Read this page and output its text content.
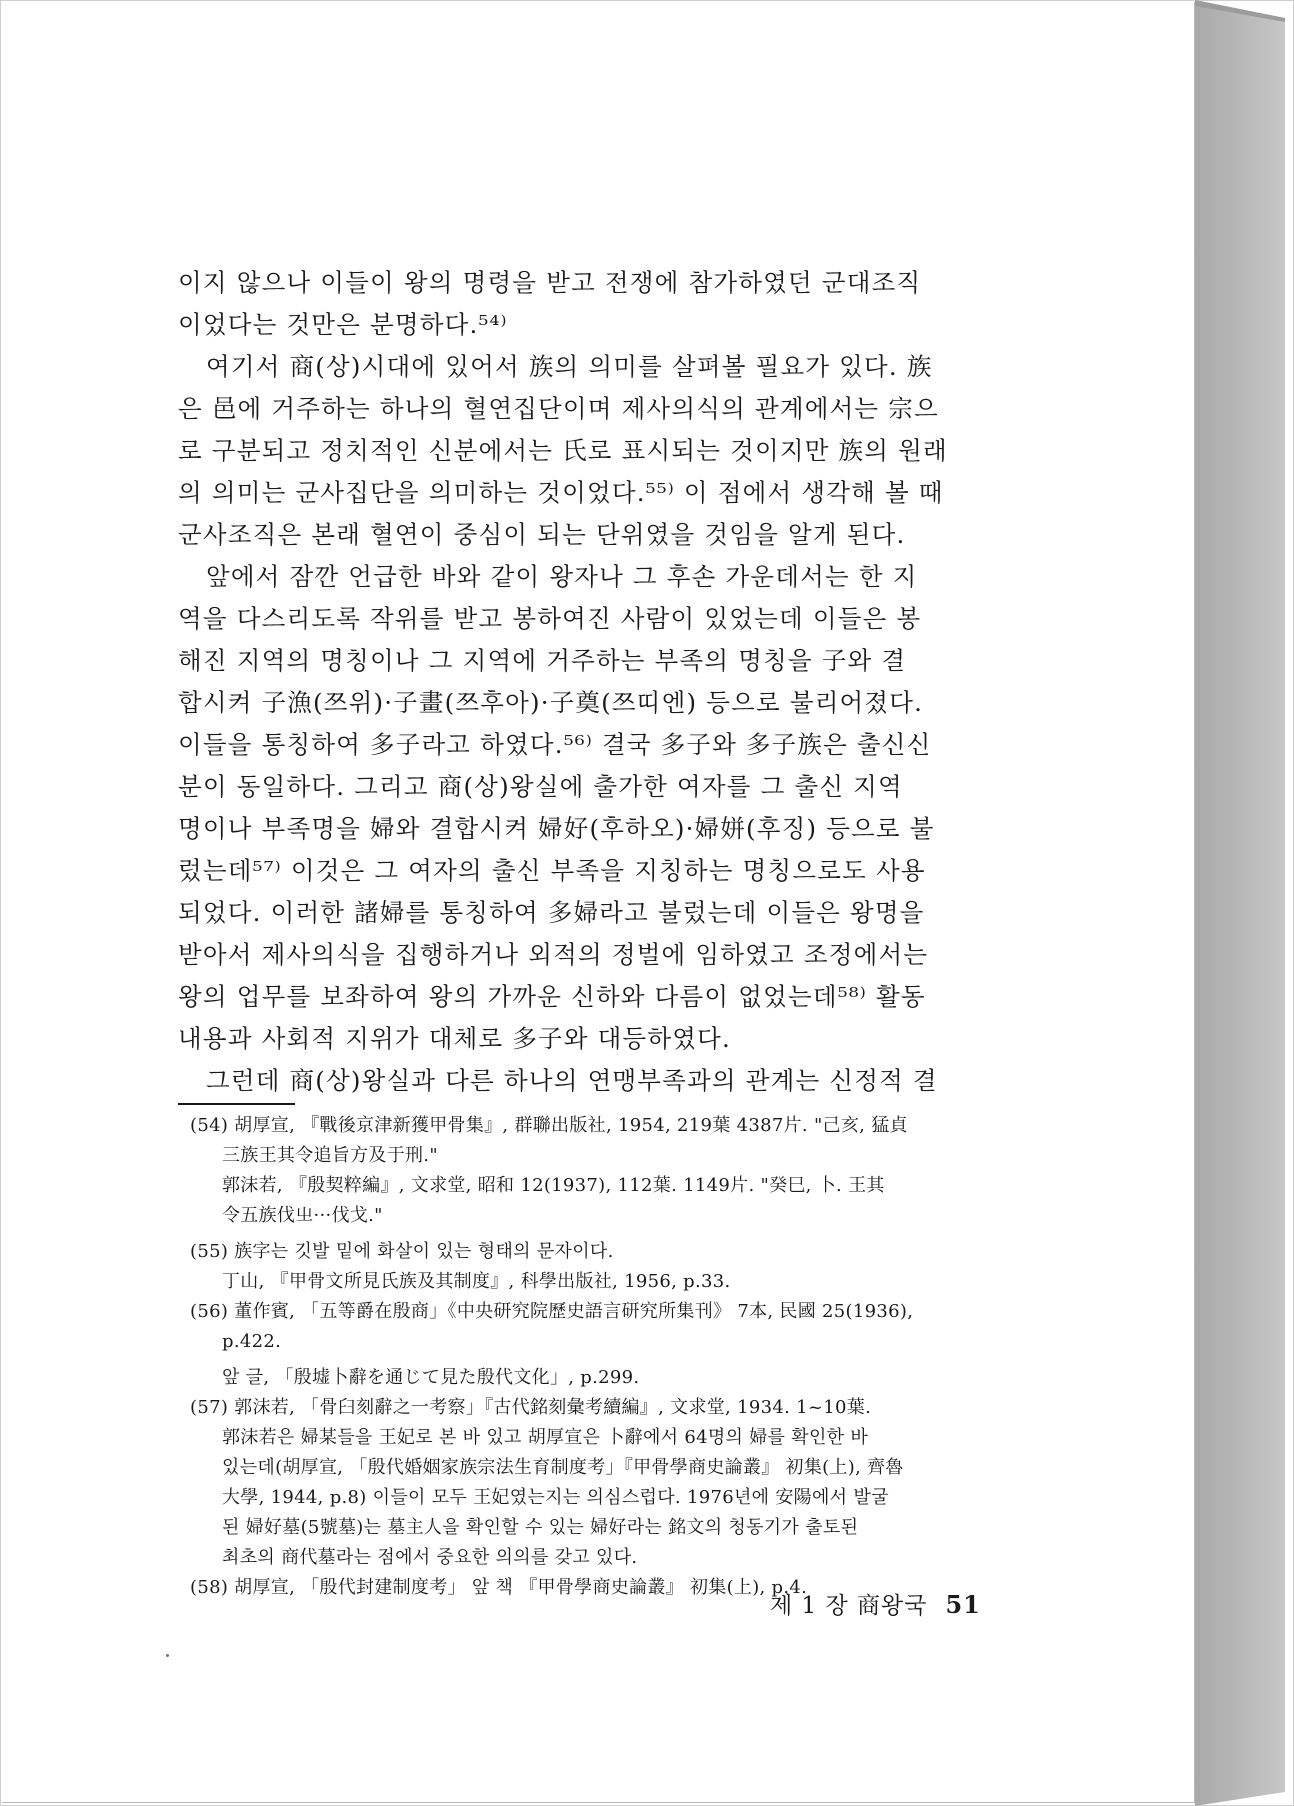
이지 않으나 이들이 왕의 명령을 받고 전쟁에 참가하였던 군대조직
이었다는 것만은 분명하다.⁵⁴⁾
여기서 商(상)시대에 있어서 族의 의미를 살펴볼 필요가 있다. 族
은 邑에 거주하는 하나의 혈연집단이며 제사의식의 관계에서는 宗으
로 구분되고 정치적인 신분에서는 氏로 표시되는 것이지만 族의 원래
의 의미는 군사집단을 의미하는 것이었다.⁵⁵⁾ 이 점에서 생각해 볼 때
군사조직은 본래 혈연이 중심이 되는 단위였을 것임을 알게 된다.
앞에서 잠깐 언급한 바와 같이 왕자나 그 후손 가운데서는 한 지
역을 다스리도록 작위를 받고 봉하여진 사람이 있었는데 이들은 봉
해진 지역의 명칭이나 그 지역에 거주하는 부족의 명칭을 子와 결
합시켜 子漁(쯔위)·子畫(쯔후아)·子奠(쯔띠엔) 등으로 불리어졌다.
이들을 통칭하여 多子라고 하였다.⁵⁶⁾ 결국 多子와 多子族은 출신신
분이 동일하다. 그리고 商(상)왕실에 출가한 여자를 그 출신 지역
명이나 부족명을 婦와 결합시켜 婦好(후하오)·婦姘(후징) 등으로 불
렀는데⁵⁷⁾ 이것은 그 여자의 출신 부족을 지칭하는 명칭으로도 사용
되었다. 이러한 諸婦를 통칭하여 多婦라고 불렀는데 이들은 왕명을
받아서 제사의식을 집행하거나 외적의 정벌에 임하였고 조정에서는
왕의 업무를 보좌하여 왕의 가까운 신하와 다름이 없었는데⁵⁸⁾ 활동
내용과 사회적 지위가 대체로 多子와 대등하였다.
그런데 商(상)왕실과 다른 하나의 연맹부족과의 관계는 신정적 결
(54) 胡厚宣, 『戰後京津新獲甲骨集』, 群聯出版社, 1954, 219葉 4387片. "己亥, 猛貞
三族王其令追旨方及于刑."
郭沫若, 『殷契粹編』, 文求堂, 昭和 12(1937), 112葉. 1149片. "癸巳, 卜. 王其
令五族伐㞢···伐戈."
(55) 族字는 깃발 밑에 화살이 있는 형태의 문자이다.
丁山, 『甲骨文所見氏族及其制度』, 科學出版社, 1956, p.33.
(56) 董作賓, 「五等爵在殷商」《中央研究院歷史語言研究所集刊》 7本, 民國 25(1936),
p.422.
앞 글, 「殷墟卜辭を通じて見た殷代文化」, p.299.
(57) 郭沫若, 「骨臼刻辭之一考察」『古代銘刻彙考續編』, 文求堂, 1934. 1~10葉.
郭沫若은 婦某들을 王妃로 본 바 있고 胡厚宣은 卜辭에서 64명의 婦를 확인한 바
있는데(胡厚宣, 「殷代婚姻家族宗法生育制度考」『甲骨學商史論叢』 初集(上), 齊魯
大學, 1944, p.8) 이들이 모두 王妃였는지는 의심스럽다. 1976년에 安陽에서 발굴
된 婦好墓(5號墓)는 墓主人을 확인할 수 있는 婦好라는 銘文의 청동기가 출토된
최초의 商代墓라는 점에서 중요한 의의를 갖고 있다.
(58) 胡厚宣, 「殷代封建制度考」 앞 책 『甲骨學商史論叢』 初集(上), p.4.
제 1 장 商왕국 51
